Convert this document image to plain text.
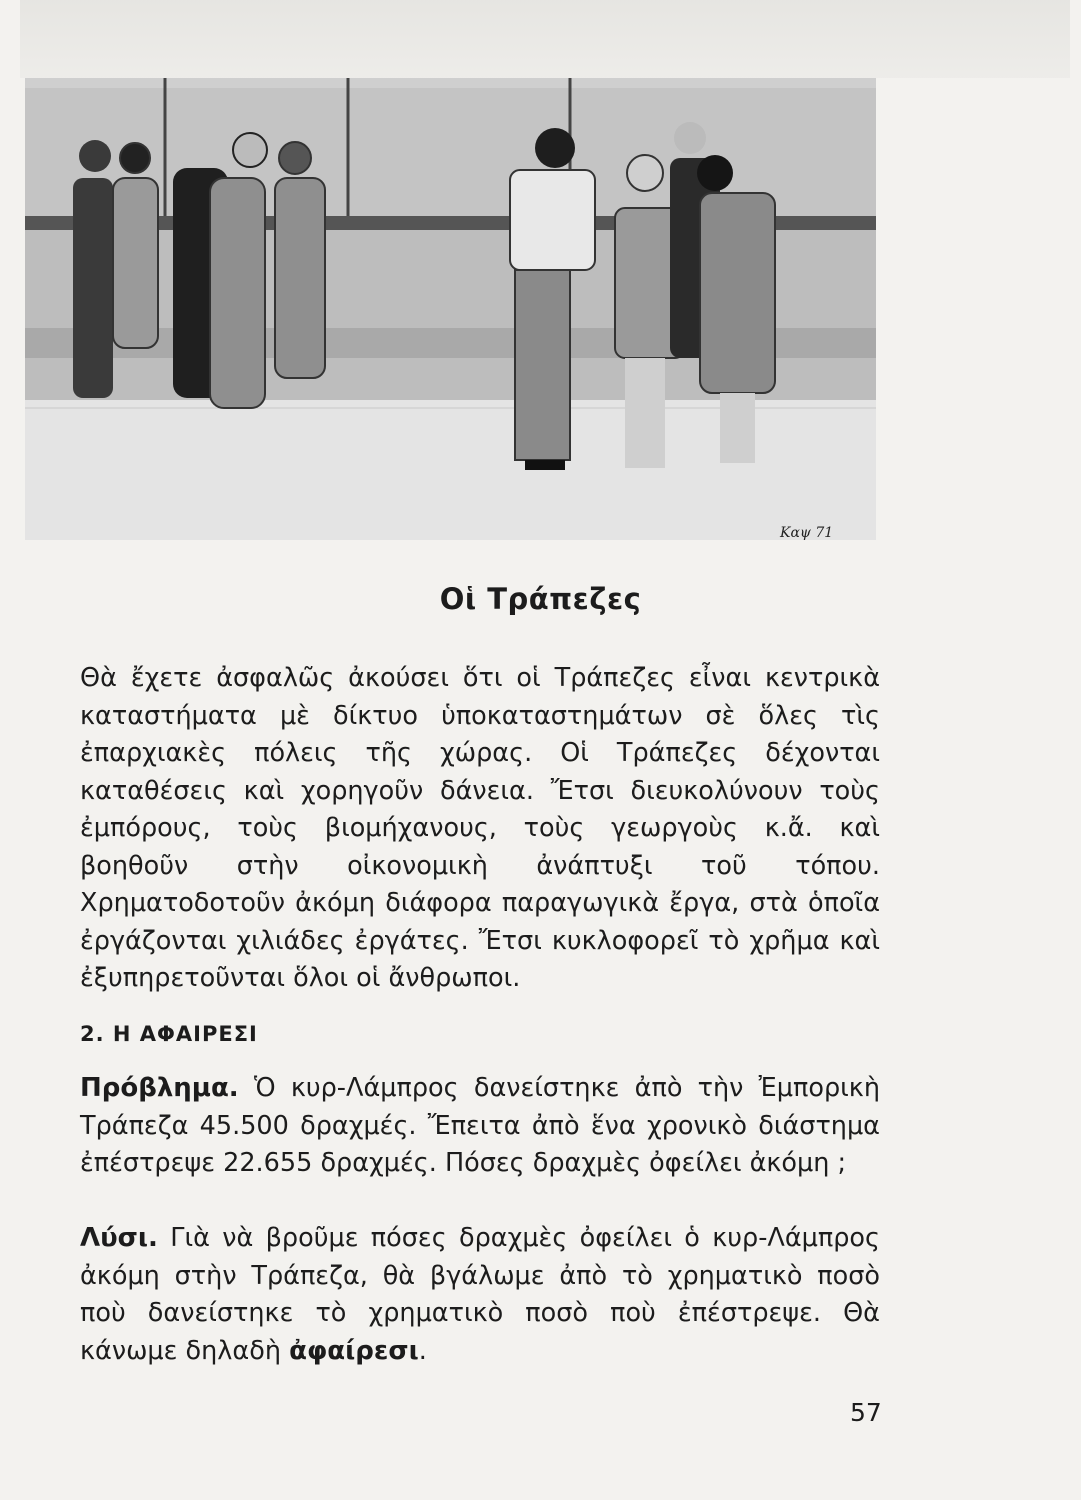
Καψ 71
Οἱ Τράπεζες

Θὰ ἔχετε ἀσφαλῶς ἀκούσει ὅτι οἱ Τράπεζες εἶναι κεντρικὰ καταστήματα μὲ δίκτυο ὑποκαταστημάτων σὲ ὅλες τὶς ἐπαρχιακὲς πόλεις τῆς χώρας. Οἱ Τράπεζες δέχονται καταθέσεις καὶ χορηγοῦν δάνεια. Ἔτσι διευκολύνουν τοὺς ἐμπόρους, τοὺς βιομήχανους, τοὺς γεωργοὺς κ.ἄ. καὶ βοηθοῦν στὴν οἰκονομικὴ ἀνάπτυξι τοῦ τόπου. Χρηματοδοτοῦν ἀκόμη διάφορα παραγωγικὰ ἔργα, στὰ ὁποῖα ἐργάζονται χιλιάδες ἐργάτες. Ἔτσι κυκλοφορεῖ τὸ χρῆμα καὶ ἐξυπηρετοῦνται ὅλοι οἱ ἄνθρωποι.

2. Η ΑΦΑΙΡΕΣΙ

Πρόβλημα. Ὁ κυρ-Λάμπρος δανείστηκε ἀπὸ τὴν Ἐμπορικὴ Τράπεζα 45.500 δραχμές. Ἔπειτα ἀπὸ ἕνα χρονικὸ διάστημα ἐπέστρεψε 22.655 δραχμές. Πόσες δραχμὲς ὀφείλει ἀκόμη ;

Λύσι. Γιὰ νὰ βροῦμε πόσες δραχμὲς ὀφείλει ὁ κυρ-Λάμπρος ἀκόμη στὴν Τράπεζα, θὰ βγάλωμε ἀπὸ τὸ χρηματικὸ ποσὸ ποὺ δανείστηκε τὸ χρηματικὸ ποσὸ ποὺ ἐπέστρεψε. Θὰ κάνωμε δηλαδὴ ἀφαίρεσι.

57
